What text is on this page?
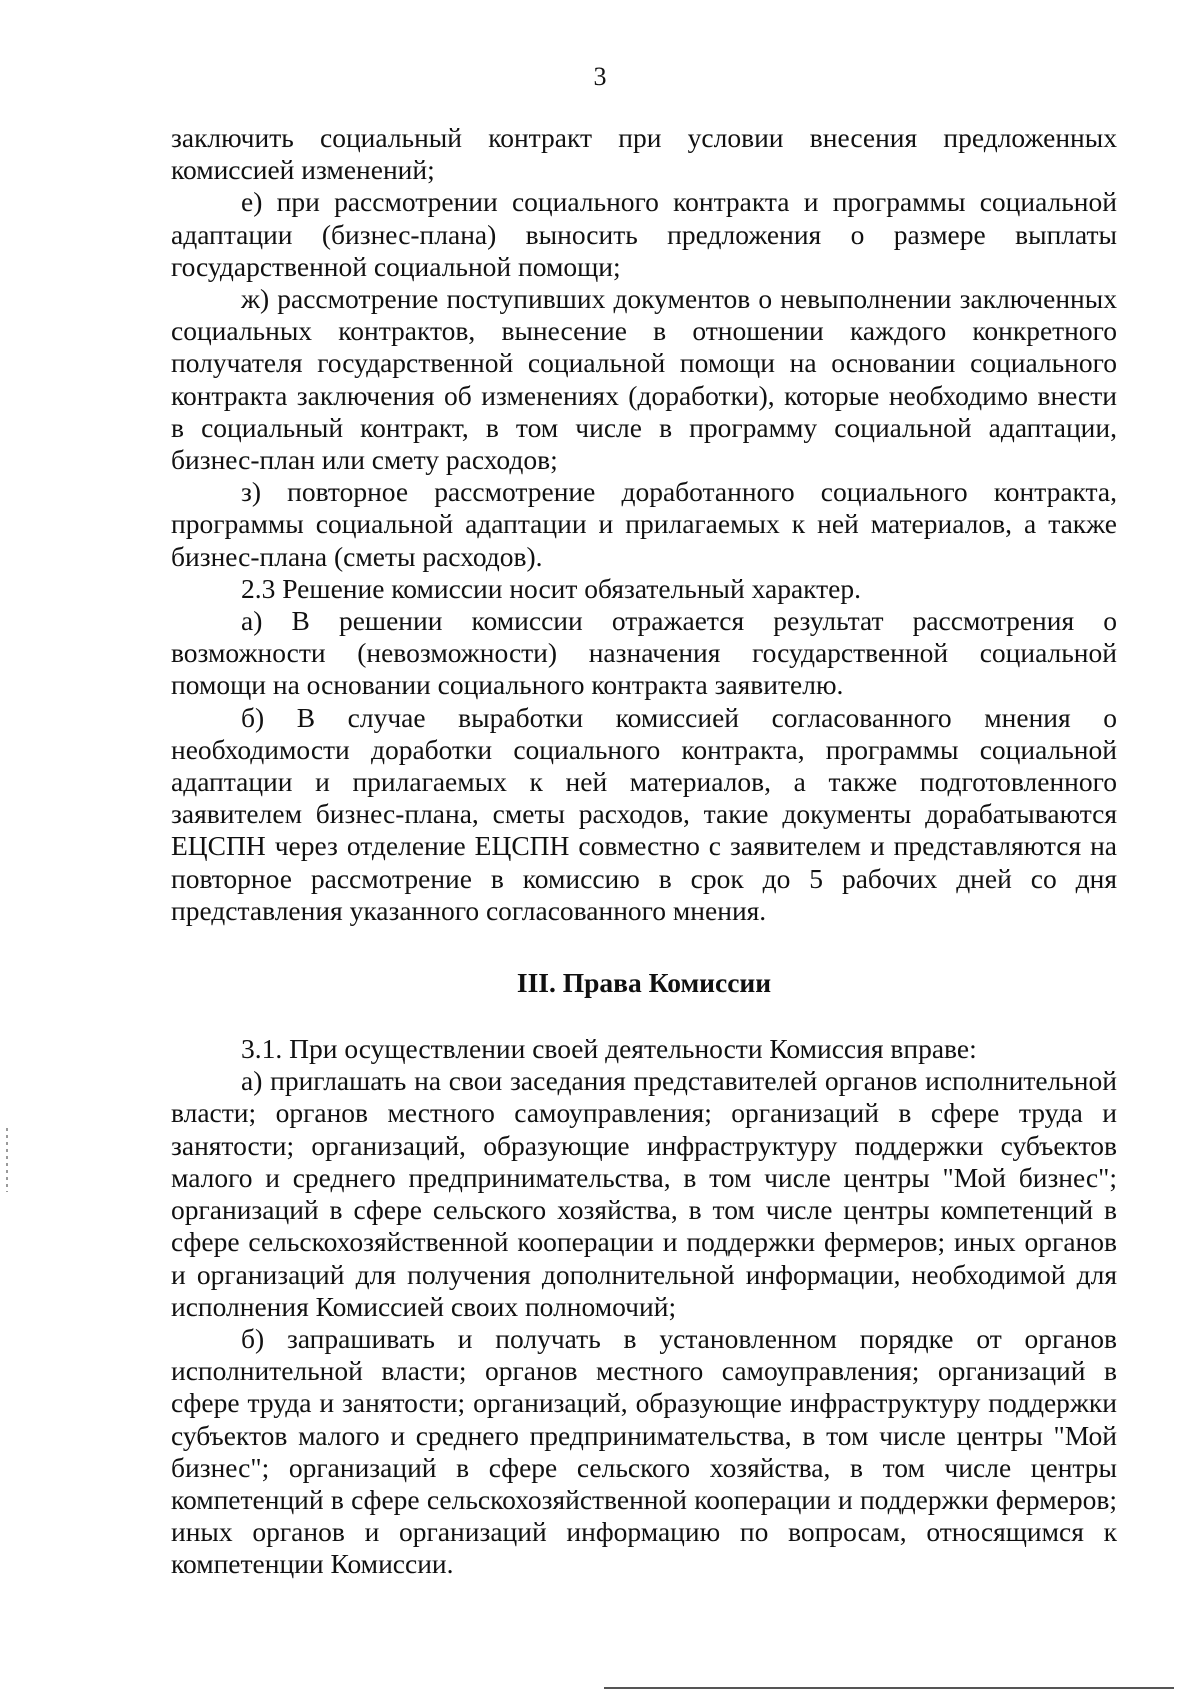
3

заключить социальный контракт при условии внесения предложенных комиссией изменений;

е) при рассмотрении социального контракта и программы социальной адаптации (бизнес-плана) выносить предложения о размере выплаты государственной социальной помощи;

ж) рассмотрение поступивших документов о невыполнении заключенных социальных контрактов, вынесение в отношении каждого конкретного получателя государственной социальной помощи на основании социального контракта заключения об изменениях (доработки), которые необходимо внести в социальный контракт, в том числе в программу социальной адаптации, бизнес-план или смету расходов;

з) повторное рассмотрение доработанного социального контракта, программы социальной адаптации и прилагаемых к ней материалов, а также бизнес-плана (сметы расходов).

2.3 Решение комиссии носит обязательный характер.

а) В решении комиссии отражается результат рассмотрения о возможности (невозможности) назначения государственной социальной помощи на основании социального контракта заявителю.

б) В случае выработки комиссией согласованного мнения о необходимости доработки социального контракта, программы социальной адаптации и прилагаемых к ней материалов, а также подготовленного заявителем бизнес-плана, сметы расходов, такие документы дорабатываются ЕЦСПН через отделение ЕЦСПН совместно с заявителем и представляются на повторное рассмотрение в комиссию в срок до 5 рабочих дней со дня представления указанного согласованного мнения.

III. Права Комиссии

3.1. При осуществлении своей деятельности Комиссия вправе:

а) приглашать на свои заседания представителей органов исполнительной власти; органов местного самоуправления; организаций в сфере труда и занятости; организаций, образующие инфраструктуру поддержки субъектов малого и среднего предпринимательства, в том числе центры "Мой бизнес"; организаций в сфере сельского хозяйства, в том числе центры компетенций в сфере сельскохозяйственной кооперации и поддержки фермеров; иных органов и организаций для получения дополнительной информации, необходимой для исполнения Комиссией своих полномочий;

б) запрашивать и получать в установленном порядке от органов исполнительной власти; органов местного самоуправления; организаций в сфере труда и занятости; организаций, образующие инфраструктуру поддержки субъектов малого и среднего предпринимательства, в том числе центры "Мой бизнес"; организаций в сфере сельского хозяйства, в том числе центры компетенций в сфере сельскохозяйственной кооперации и поддержки фермеров; иных органов и организаций информацию по вопросам, относящимся к компетенции Комиссии.
